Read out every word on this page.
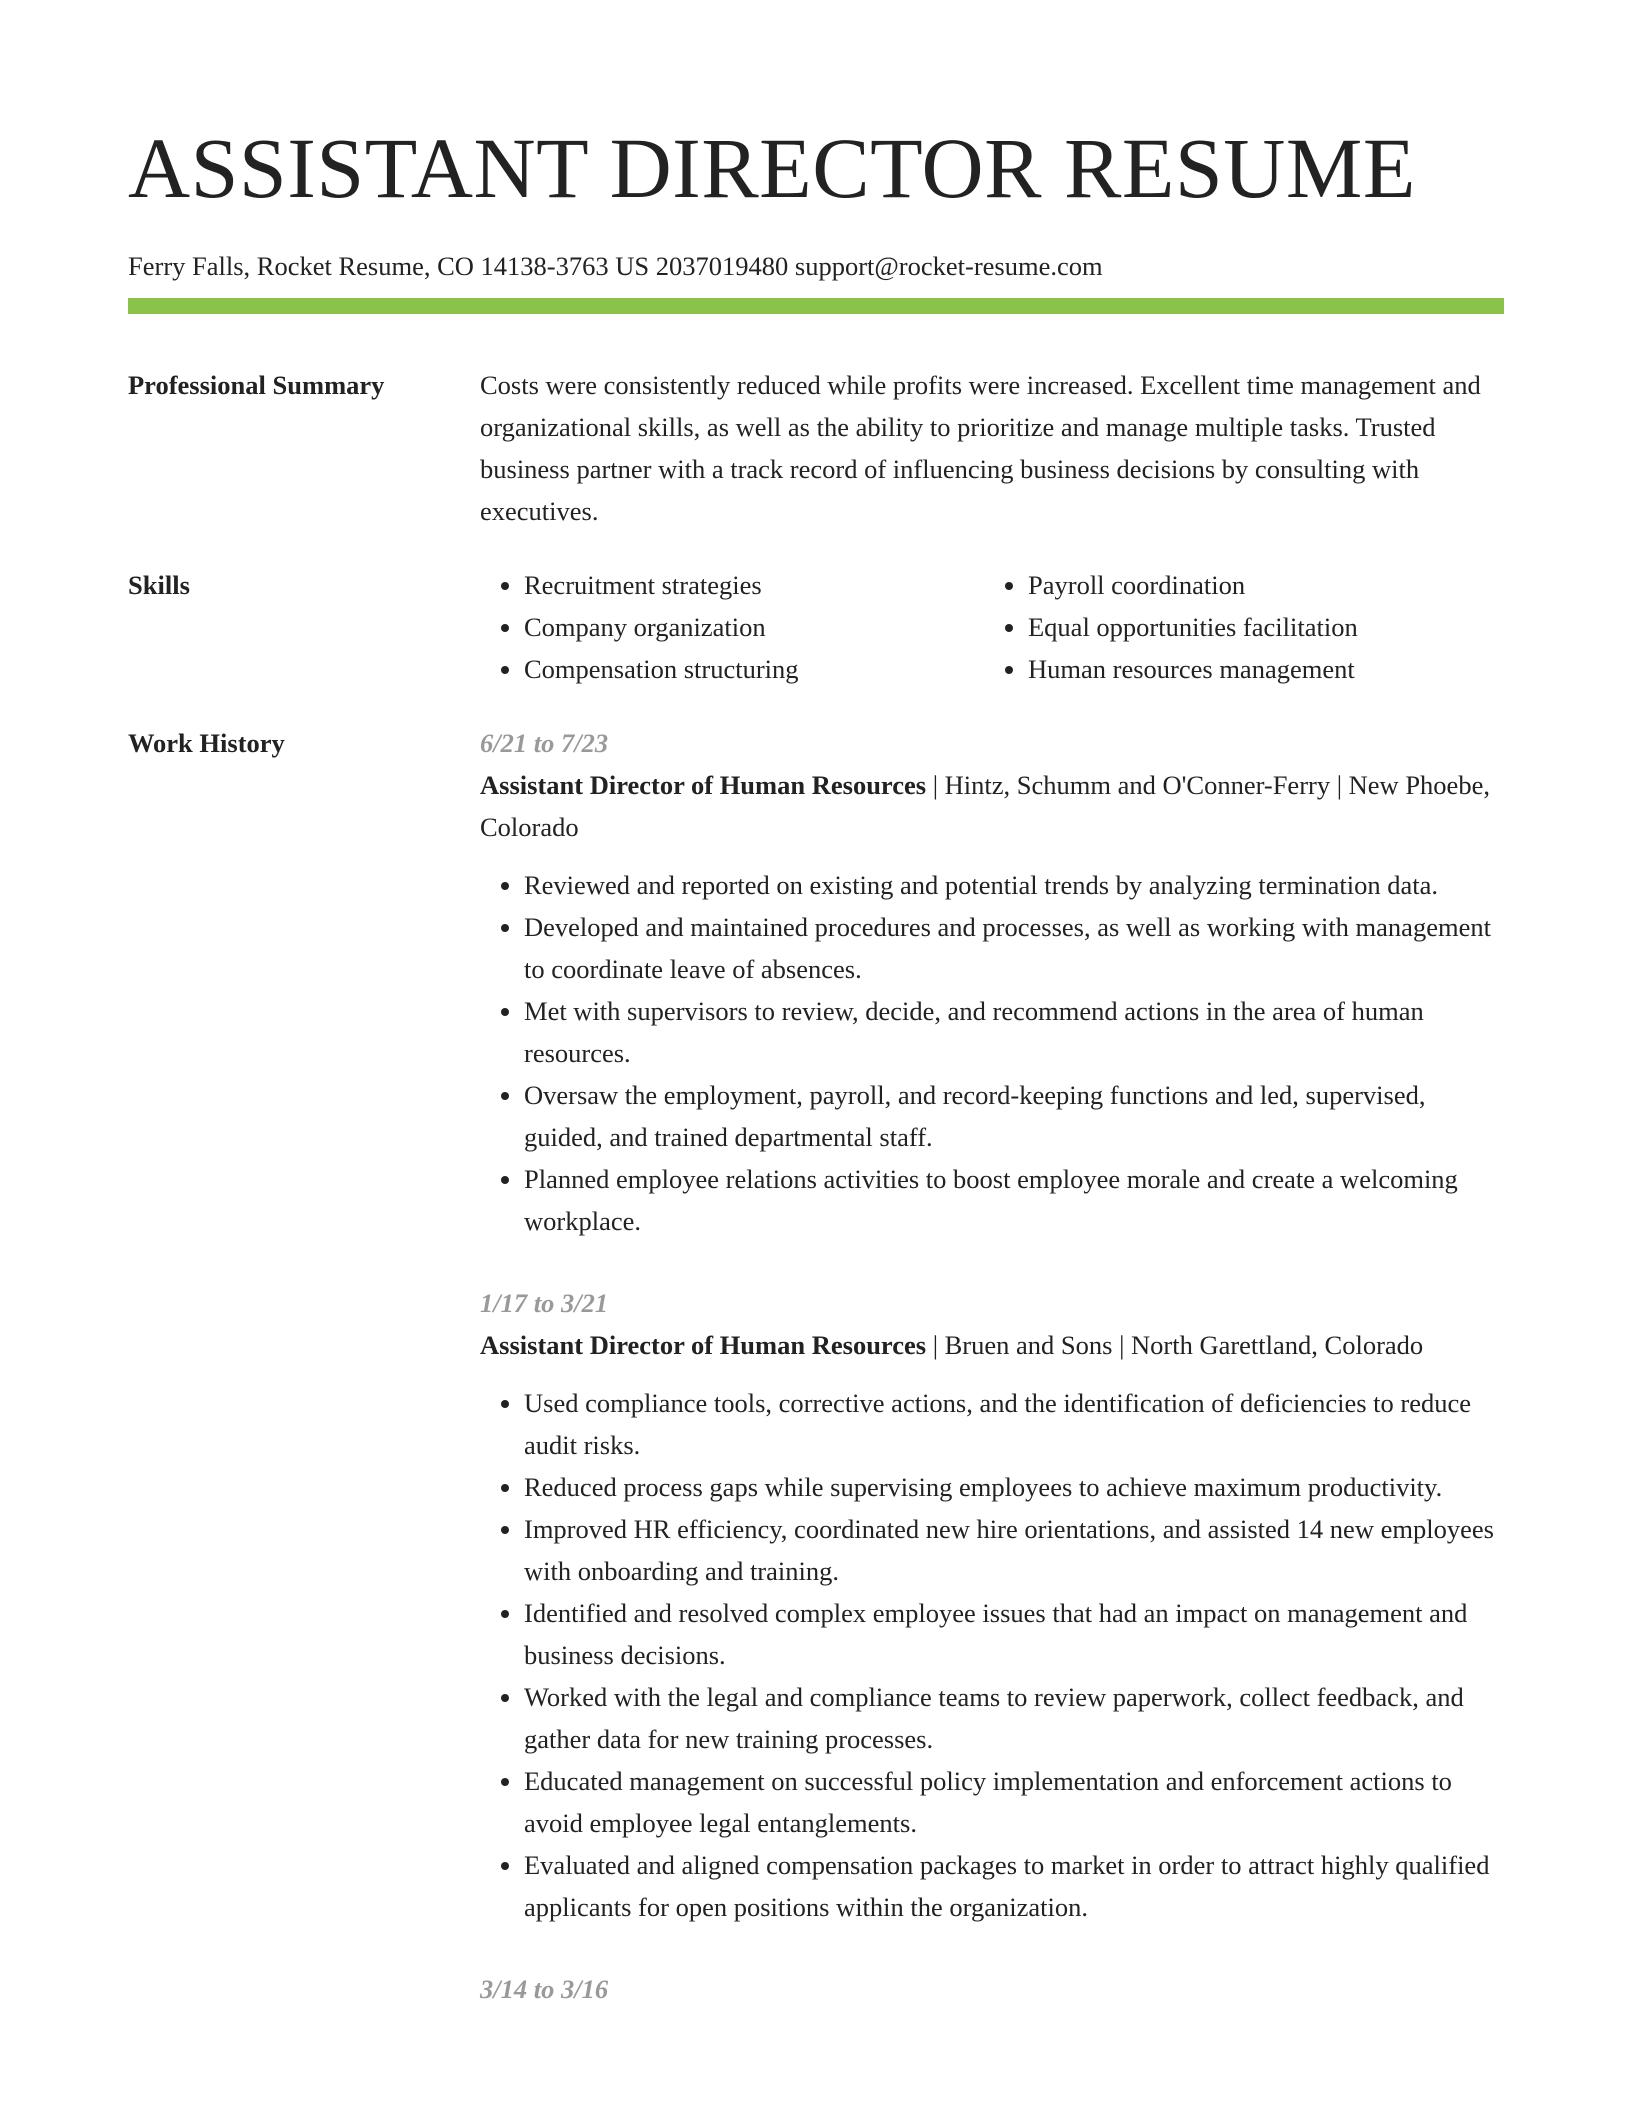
ASSISTANT DIRECTOR RESUME
Ferry Falls, Rocket Resume, CO 14138-3763 US 2037019480 support@rocket-resume.com
Professional Summary	Costs were consistently reduced while profits were increased. Excellent time management and organizational skills, as well as the ability to prioritize and manage multiple tasks. Trusted business partner with a track record of influencing business decisions by consulting with executives.
Skills
•	Recruitment strategies
• Company organization
• Compensation structuring
• Payroll coordination
• Equal opportunities facilitation
• Human resources management
Work History	6/21 to 7/23
Assistant Director of Human Resources | Hintz, Schumm and O'Conner-Ferry | New Phoebe, Colorado
• Reviewed and reported on existing and potential trends by analyzing termination data.
• Developed and maintained procedures and processes, as well as working with management to coordinate leave of absences.
• Met with supervisors to review, decide, and recommend actions in the area of human resources.
• Oversaw the employment, payroll, and record-keeping functions and led, supervised, guided, and trained departmental staff.
• Planned employee relations activities to boost employee morale and create a welcoming workplace.
1/17 to 3/21
Assistant Director of Human Resources | Bruen and Sons | North Garettland, Colorado
• Used compliance tools, corrective actions, and the identification of deficiencies to reduce audit risks.
• Reduced process gaps while supervising employees to achieve maximum productivity.
• Improved HR efficiency, coordinated new hire orientations, and assisted 14 new employees with onboarding and training.
• Identified and resolved complex employee issues that had an impact on management and business decisions.
• Worked with the legal and compliance teams to review paperwork, collect feedback, and gather data for new training processes.
• Educated management on successful policy implementation and enforcement actions to avoid employee legal entanglements.
• Evaluated and aligned compensation packages to market in order to attract highly qualified applicants for open positions within the organization.
3/14 to 3/16
